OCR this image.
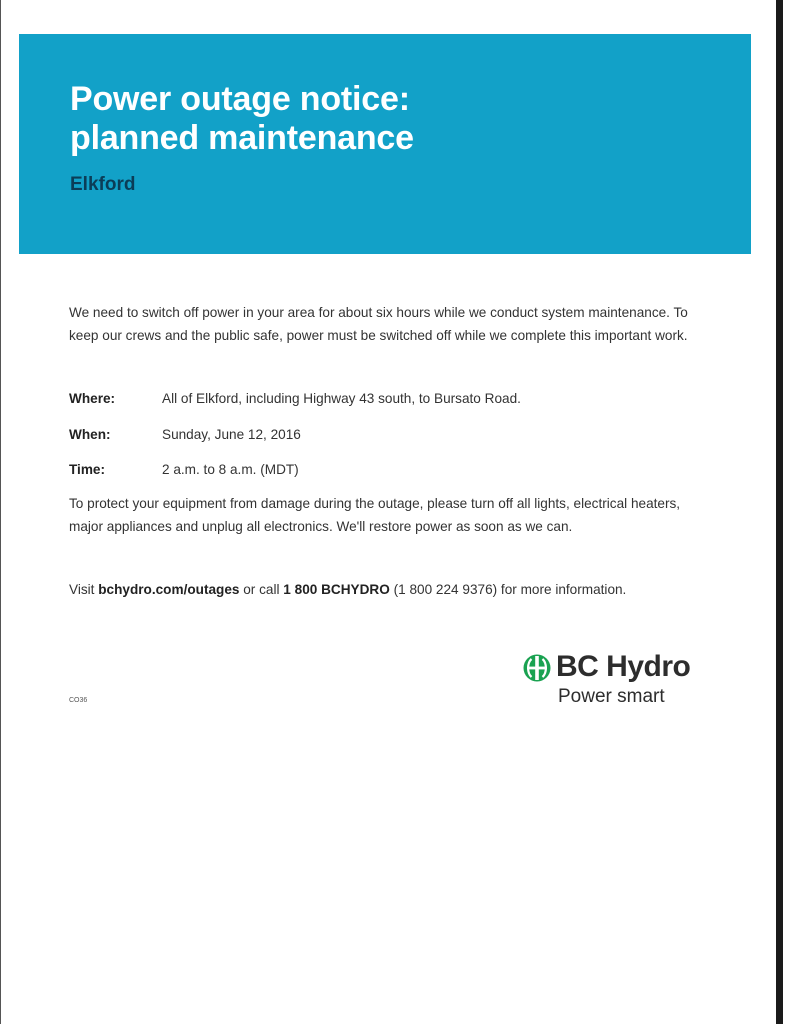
Power outage notice:
planned maintenance
Elkford

We need to switch off power in your area for about six hours while we conduct system maintenance. To keep our crews and the public safe, power must be switched off while we complete this important work.

Where:	All of Elkford, including Highway 43 south, to Bursato Road.
When:	Sunday, June 12, 2016
Time:	2 a.m. to 8 a.m. (MDT)

To protect your equipment from damage during the outage, please turn off all lights, electrical heaters, major appliances and unplug all electronics. We'll restore power as soon as we can.

Visit bchydro.com/outages or call 1 800 BCHYDRO (1 800 224 9376) for more information.

CO36
BC Hydro
Power smart
